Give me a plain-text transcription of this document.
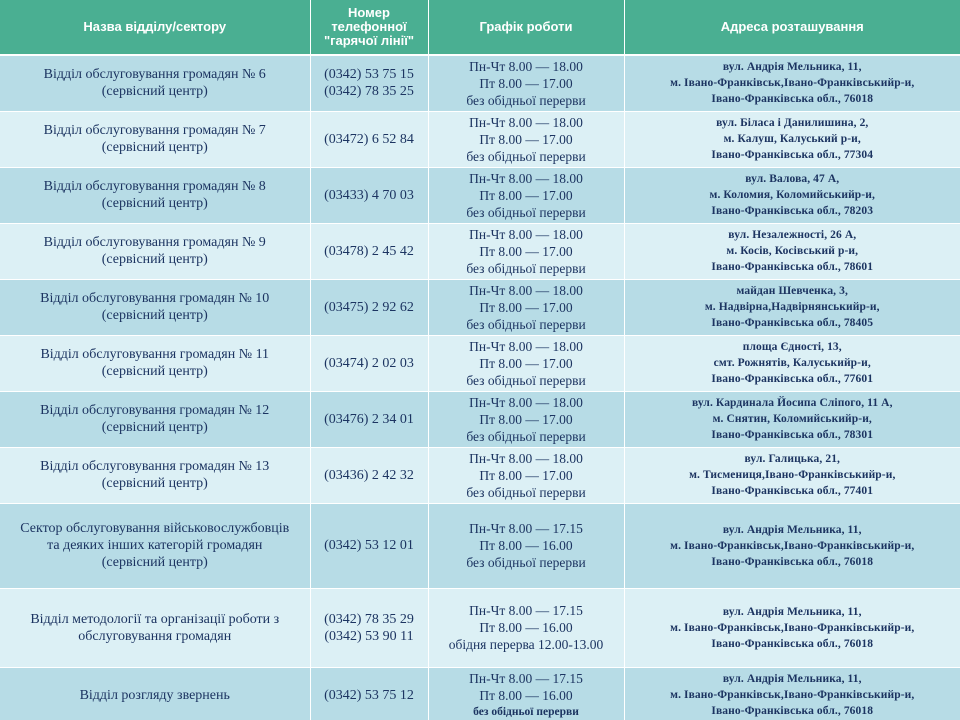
Назва відділу/сектору	Номер
телефонної
"гарячої лінії"	Графік роботи	Адреса розташування

Відділ обслуговування громадян № 6
(сервісний центр)	(0342) 53 75 15
(0342) 78 35 25	Пн-Чт 8.00 — 18.00
Пт 8.00 — 17.00
без обідньої перерви	вул. Андрія Мельника, 11,
м. Івано-Франківськ,Івано-Франківськийр-и,
Івано-Франківська обл., 76018

Відділ обслуговування громадян № 7
(сервісний центр)	(03472) 6 52 84	Пн-Чт 8.00 — 18.00
Пт 8.00 — 17.00
без обідньої перерви	вул. Біласа і Данилишина, 2,
м. Калуш, Калуський р-и,
Івано-Франківська обл., 77304

Відділ обслуговування громадян № 8
(сервісний центр)	(03433) 4 70 03	Пн-Чт 8.00 — 18.00
Пт 8.00 — 17.00
без обідньої перерви	вул. Валова, 47 А,
м. Коломия, Коломийськийр-и,
Івано-Франківська обл., 78203

Відділ обслуговування громадян № 9
(сервісний центр)	(03478) 2 45 42	Пн-Чт 8.00 — 18.00
Пт 8.00 — 17.00
без обідньої перерви	вул. Незалежності, 26 А,
м. Косів, Косівський р-и,
Івано-Франківська обл., 78601

Відділ обслуговування громадян № 10
(сервісний центр)	(03475) 2 92 62	Пн-Чт 8.00 — 18.00
Пт 8.00 — 17.00
без обідньої перерви	майдан Шевченка, 3,
м. Надвірна,Надвірнянськийр-и,
Івано-Франківська обл., 78405

Відділ обслуговування громадян № 11
(сервісний центр)	(03474) 2 02 03	Пн-Чт 8.00 — 18.00
Пт 8.00 — 17.00
без обідньої перерви	площа Єдності, 13,
смт. Рожнятів, Калуськийр-и,
Івано-Франківська обл., 77601

Відділ обслуговування громадян № 12
(сервісний центр)	(03476) 2 34 01	Пн-Чт 8.00 — 18.00
Пт 8.00 — 17.00
без обідньої перерви	вул. Кардинала Йосипа Сліпого, 11 А,
м. Снятин, Коломийськийр-и,
Івано-Франківська обл., 78301

Відділ обслуговування громадян № 13
(сервісний центр)	(03436) 2 42 32	Пн-Чт 8.00 — 18.00
Пт 8.00 — 17.00
без обідньої перерви	вул. Галицька, 21,
м. Тисмениця,Івано-Франківськийр-и,
Івано-Франківська обл., 77401

Сектор обслуговування військовослужбовців
та деяких інших категорій громадян
(сервісний центр)	(0342) 53 12 01	Пн-Чт 8.00 — 17.15
Пт 8.00 — 16.00
без обідньої перерви	вул. Андрія Мельника, 11,
м. Івано-Франківськ,Івано-Франківськийр-и,
Івано-Франківська обл., 76018

Відділ методології та організації роботи з
обслуговування громадян	(0342) 78 35 29
(0342) 53 90 11	Пн-Чт 8.00 — 17.15
Пт 8.00 — 16.00
обідня перерва 12.00-13.00	вул. Андрія Мельника, 11,
м. Івано-Франківськ,Івано-Франківськийр-и,
Івано-Франківська обл., 76018

Відділ розгляду звернень	(0342) 53 75 12	Пн-Чт 8.00 — 17.15
Пт 8.00 — 16.00
без обідньої перерви	вул. Андрія Мельника, 11,
м. Івано-Франківськ,Івано-Франківськийр-и,
Івано-Франківська обл., 76018
